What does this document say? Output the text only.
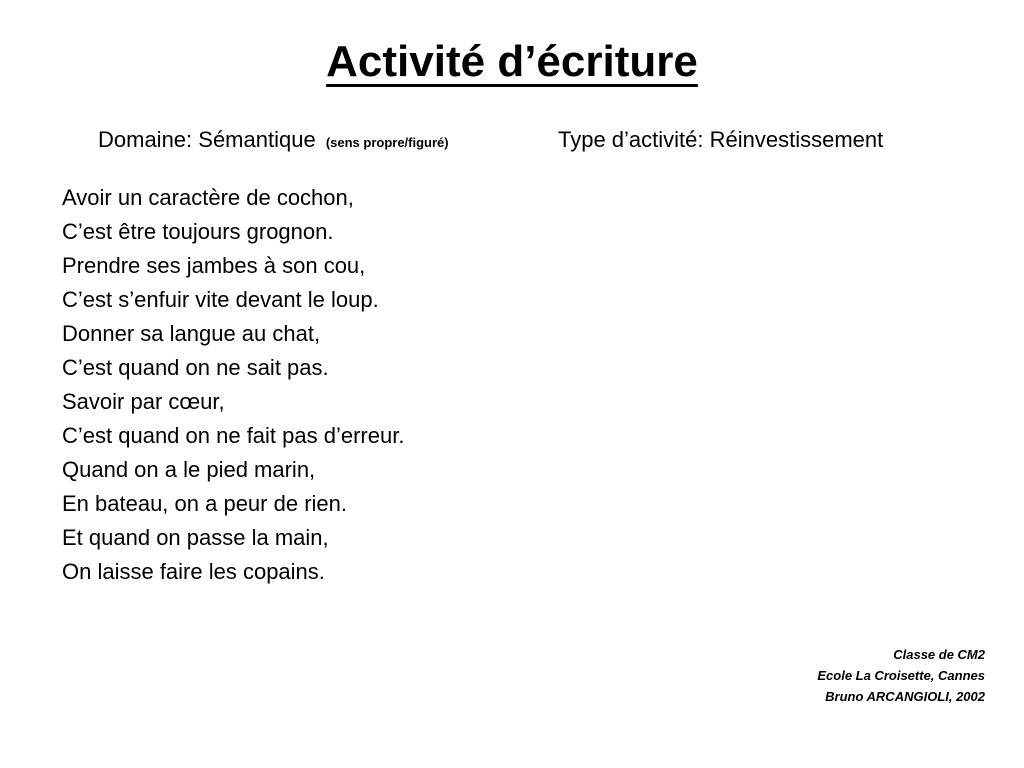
Activité d’écriture
Domaine: Sémantique (sens propre/figuré)	Type d’activité: Réinvestissement
Avoir un caractère de cochon,
C’est être toujours grognon.
Prendre ses jambes à son cou,
C’est s’enfuir vite devant le loup.
Donner sa langue au chat,
C’est quand on ne sait pas.
Savoir par cœur,
C’est quand on ne fait pas d’erreur.
Quand on a le pied marin,
En bateau, on a peur de rien.
Et quand on passe la main,
On laisse faire les copains.
Classe de CM2
Ecole La Croisette, Cannes
Bruno ARCANGIOLI, 2002
